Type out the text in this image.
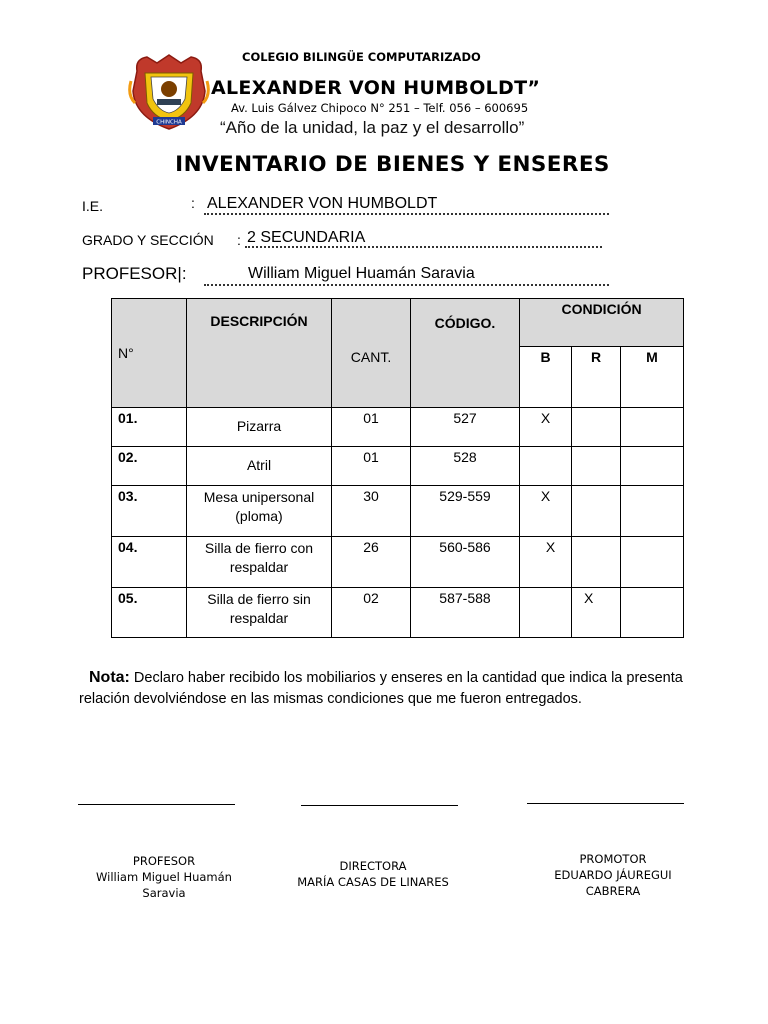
CHINCHA
COLEGIO BILINGÜE COMPUTARIZADO
ALEXANDER VON HUMBOLDT”
Av. Luis Gálvez Chipoco N° 251 – Telf. 056 – 600695
“Año de la unidad, la paz y el desarrollo”
INVENTARIO DE BIENES Y ENSERES
I.E.	: ALEXANDER VON HUMBOLDT
GRADO Y SECCIÓN : 2 SECUNDARIA
PROFESOR|:	William Miguel Huamán Saravia
N°	DESCRIPCIÓN		CÓDIGO.	CONDICIÓN		
		CANT.		B	R	M
01.	Pizarra	01	527	X		
02.	Atril	01	528			
03.	Mesa unipersonal (ploma)	30	529-559	X		
04.	Silla de fierro con respaldar	26	560-586	X		
05.	Silla de fierro sin respaldar	02	587-588		X	
Nota: Declaro haber recibido los mobiliarios y enseres en la cantidad que indica la presenta relación devolviéndose en las mismas condiciones que me fueron entregados.
PROFESOR
William Miguel Huamán Saravia
DIRECTORA
MARÍA CASAS DE LINARES
PROMOTOR
EDUARDO JÁUREGUI CABRERA
